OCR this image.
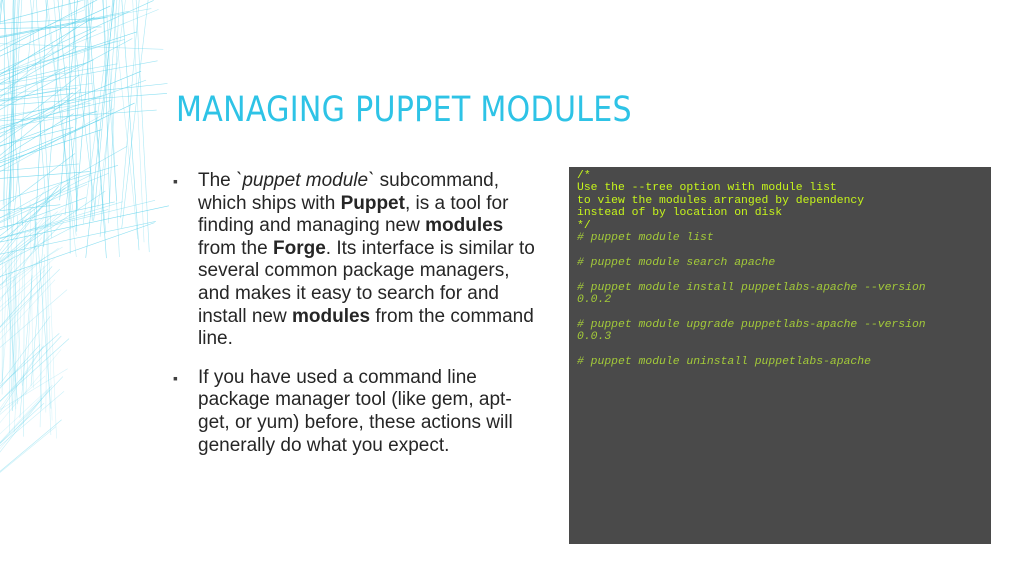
MANAGING PUPPET MODULES
▪ The `puppet module` subcommand, which ships with Puppet, is a tool for finding and managing new modules from the Forge. Its interface is similar to several common package managers, and makes it easy to search for and install new modules from the command line.
▪ If you have used a command line package manager tool (like gem, apt-get, or yum) before, these actions will generally do what you expect.
/*
Use the --tree option with module list
to view the modules arranged by dependency
instead of by location on disk
*/
# puppet module list
# puppet module search apache
# puppet module install puppetlabs-apache --version
0.0.2
# puppet module upgrade puppetlabs-apache --version
0.0.3
# puppet module uninstall puppetlabs-apache
